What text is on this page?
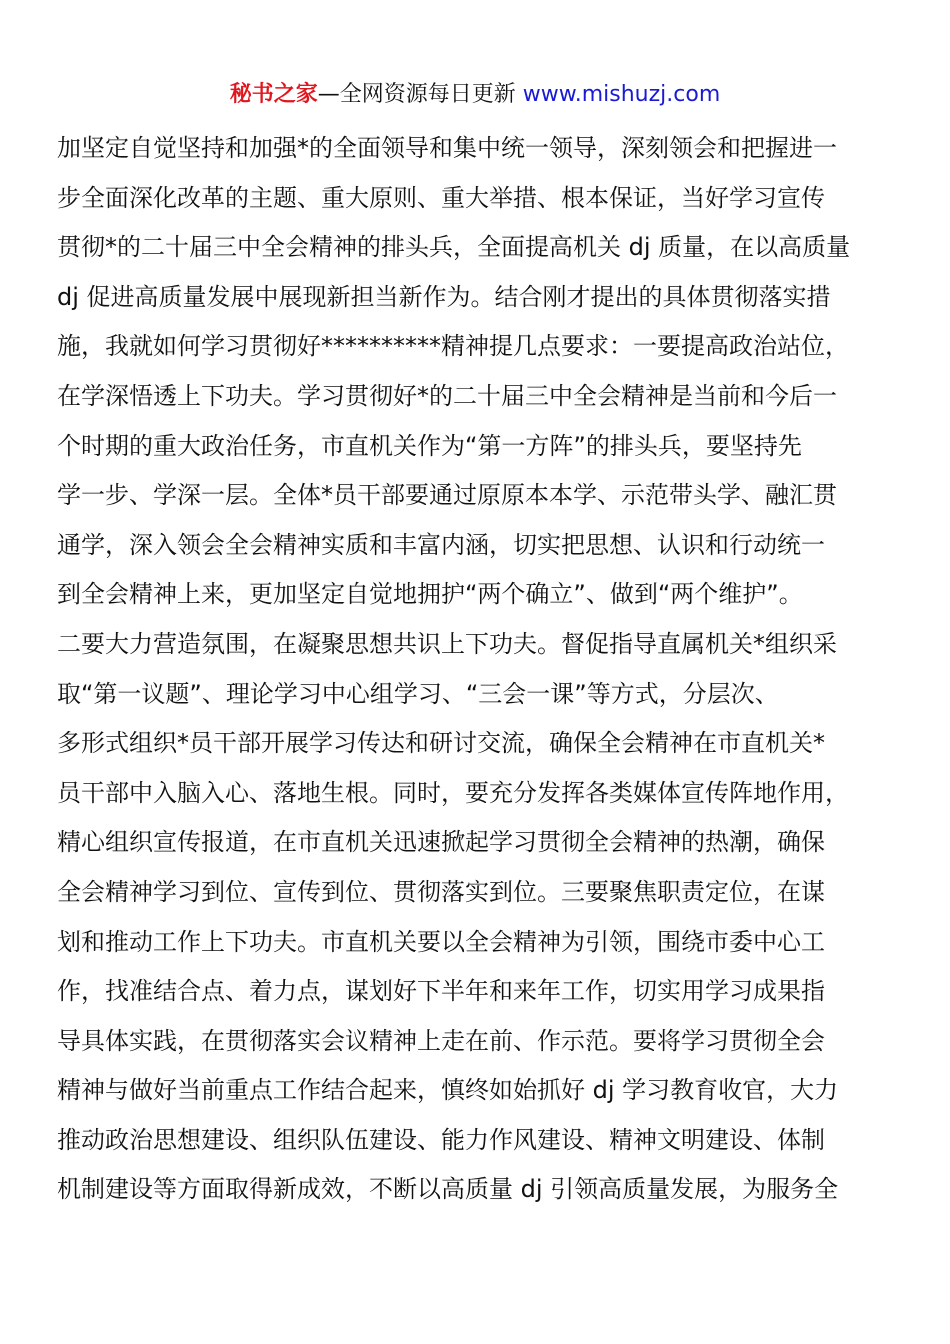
秘书之家—全网资源每日更新 www.mishuzj.com
加坚定自觉坚持和加强*的全面领导和集中统一领导，深刻领会和把握进一
步全面深化改革的主题、重大原则、重大举措、根本保证，当好学习宣传
贯彻*的二十届三中全会精神的排头兵，全面提高机关 dj 质量，在以高质量
dj 促进高质量发展中展现新担当新作为。结合刚才提出的具体贯彻落实措
施，我就如何学习贯彻好**********精神提几点要求：一要提高政治站位，
在学深悟透上下功夫。学习贯彻好*的二十届三中全会精神是当前和今后一
个时期的重大政治任务，市直机关作为“第一方阵”的排头兵，要坚持先
学一步、学深一层。全体*员干部要通过原原本本学、示范带头学、融汇贯
通学，深入领会全会精神实质和丰富内涵，切实把思想、认识和行动统一
到全会精神上来，更加坚定自觉地拥护“两个确立”、做到“两个维护”。
二要大力营造氛围，在凝聚思想共识上下功夫。督促指导直属机关*组织采
取“第一议题”、理论学习中心组学习、“三会一课”等方式，分层次、
多形式组织*员干部开展学习传达和研讨交流，确保全会精神在市直机关*
员干部中入脑入心、落地生根。同时，要充分发挥各类媒体宣传阵地作用，
精心组织宣传报道，在市直机关迅速掀起学习贯彻全会精神的热潮，确保
全会精神学习到位、宣传到位、贯彻落实到位。三要聚焦职责定位，在谋
划和推动工作上下功夫。市直机关要以全会精神为引领，围绕市委中心工
作，找准结合点、着力点，谋划好下半年和来年工作，切实用学习成果指
导具体实践，在贯彻落实会议精神上走在前、作示范。要将学习贯彻全会
精神与做好当前重点工作结合起来，慎终如始抓好 dj 学习教育收官，大力
推动政治思想建设、组织队伍建设、能力作风建设、精神文明建设、体制
机制建设等方面取得新成效，不断以高质量 dj 引领高质量发展，为服务全
